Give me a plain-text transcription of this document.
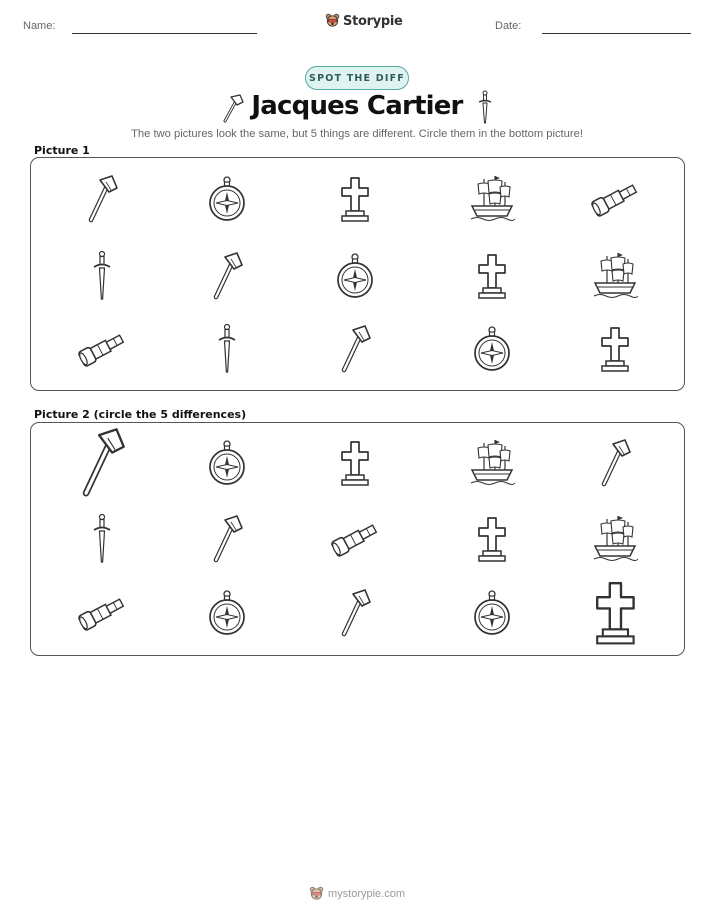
Name:	Storypie	Date:
SPOT THE DIFF
Jacques Cartier
The two pictures look the same, but 5 things are different. Circle them in the bottom picture!
Picture 1
Picture 2 (circle the 5 differences)
mystorypie.com
